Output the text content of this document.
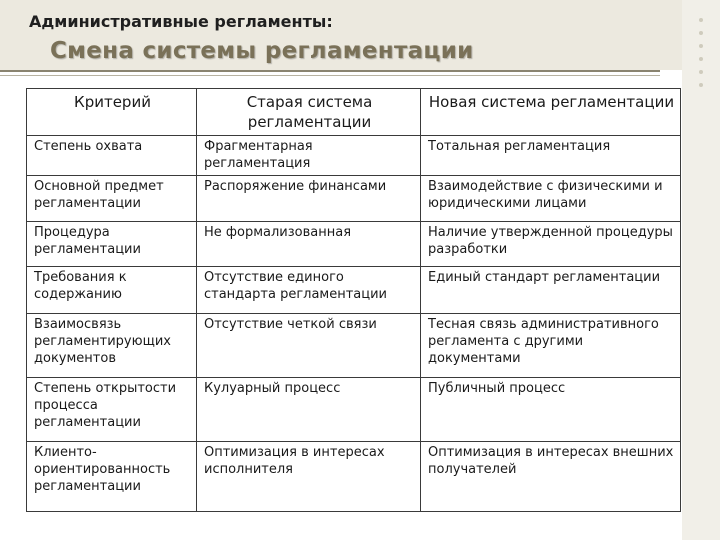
Административные регламенты:
Смена системы регламентации
Критерий	Старая система регламентации	Новая система регламентации
Степень охвата	Фрагментарная регламентация	Тотальная регламентация
Основной предмет регламентации	Распоряжение финансами	Взаимодействие с физическими и юридическими лицами
Процедура регламентации	Не формализованная	Наличие утвержденной процедуры разработки
Требования к содержанию	Отсутствие единого стандарта регламентации	Единый стандарт регламентации
Взаимосвязь регламентирующих документов	Отсутствие четкой связи	Тесная связь административного регламента с другими документами
Степень открытости процесса регламентации	Кулуарный процесс	Публичный процесс
Клиенто-ориентированность регламентации	Оптимизация в интересах исполнителя	Оптимизация в интересах внешних получателей
